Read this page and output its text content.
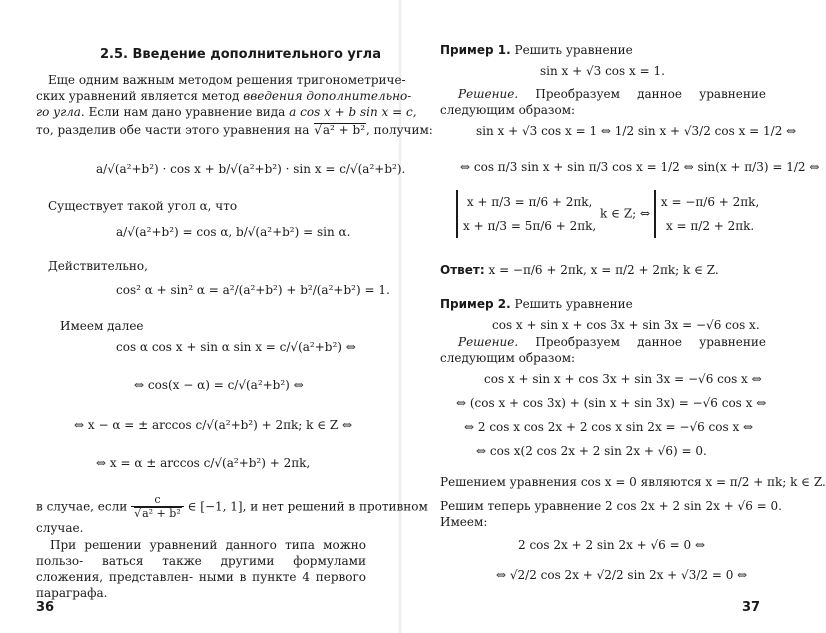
2.5. Введение дополнительного угла
Еще одним важным методом решения тригонометриче-
ских уравнений является метод введения дополнительно-
го угла. Если нам дано уравнение вида a cos x + b sin x = c,
то, разделив обе части этого уравнения на √ a² + b², получим:
a/√(a²+b²) · cos x + b/√(a²+b²) · sin x = c/√(a²+b²).
Существует такой угол α, что
a/√(a²+b²) = cos α, b/√(a²+b²) = sin α.
Действительно,
cos² α + sin² α = a²/(a²+b²) + b²/(a²+b²) = 1.
Имеем далее
cos α cos x + sin α sin x = c/√(a²+b²) ⇔
⇔ cos(x − α) = c/√(a²+b²) ⇔
⇔ x − α = ± arccos c/√(a²+b²) + 2πk; k ∈ Z ⇔
⇔ x = α ± arccos c/√(a²+b²) + 2πk,
в случае, если c
√ a² + b² ∈ [−1, 1], и нет решений в противном
случае.
При решении уравнений данного типа можно пользо- ваться также другими формулами сложения, представлен- ными в пункте 4 первого параграфа.
36
Пример 1. Решить уравнение
sin x + √3 cos x = 1.
Решение. Преобразуем данное уравнение следующим образом:
sin x + √3 cos x = 1 ⇔ 1/2 sin x + √3/2 cos x = 1/2 ⇔
⇔ cos π/3 sin x + sin π/3 cos x = 1/2 ⇔ sin(x + π/3) = 1/2 ⇔
x + π/3 = π/6 + 2πk,
x + π/3 = 5π/6 + 2πk,
k ∈ Z; ⇔
x = −π/6 + 2πk,
x = π/2 + 2πk.
Ответ: x = −π/6 + 2πk, x = π/2 + 2πk; k ∈ Z.
Пример 2. Решить уравнение
cos x + sin x + cos 3x + sin 3x = −√6 cos x.
Решение. Преобразуем данное уравнение следующим образом:
cos x + sin x + cos 3x + sin 3x = −√6 cos x ⇔
⇔ (cos x + cos 3x) + (sin x + sin 3x) = −√6 cos x ⇔
⇔ 2 cos x cos 2x + 2 cos x sin 2x = −√6 cos x ⇔
⇔ cos x(2 cos 2x + 2 sin 2x + √6) = 0.
Решением уравнения cos x = 0 являются x = π/2 + πk; k ∈ Z.
Решим теперь уравнение 2 cos 2x + 2 sin 2x + √6 = 0.
Имеем:
2 cos 2x + 2 sin 2x + √6 = 0 ⇔
⇔ √2/2 cos 2x + √2/2 sin 2x + √3/2 = 0 ⇔
37
